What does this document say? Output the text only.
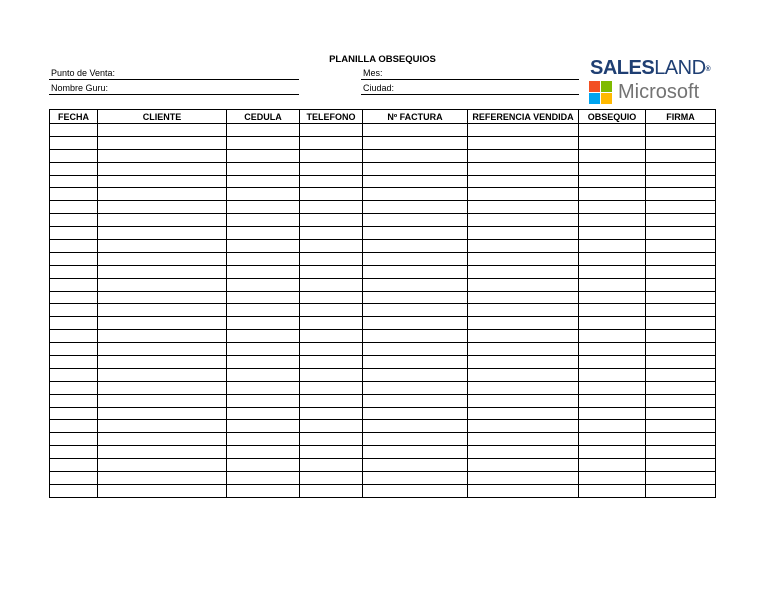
PLANILLA OBSEQUIOS
Punto de Venta:
Nombre Guru:
Mes:
Ciudad:
SALESLAND®
Microsoft
FECHA	CLIENTE	CEDULA	TELEFONO	Nº FACTURA	REFERENCIA VENDIDA	OBSEQUIO	FIRMA
